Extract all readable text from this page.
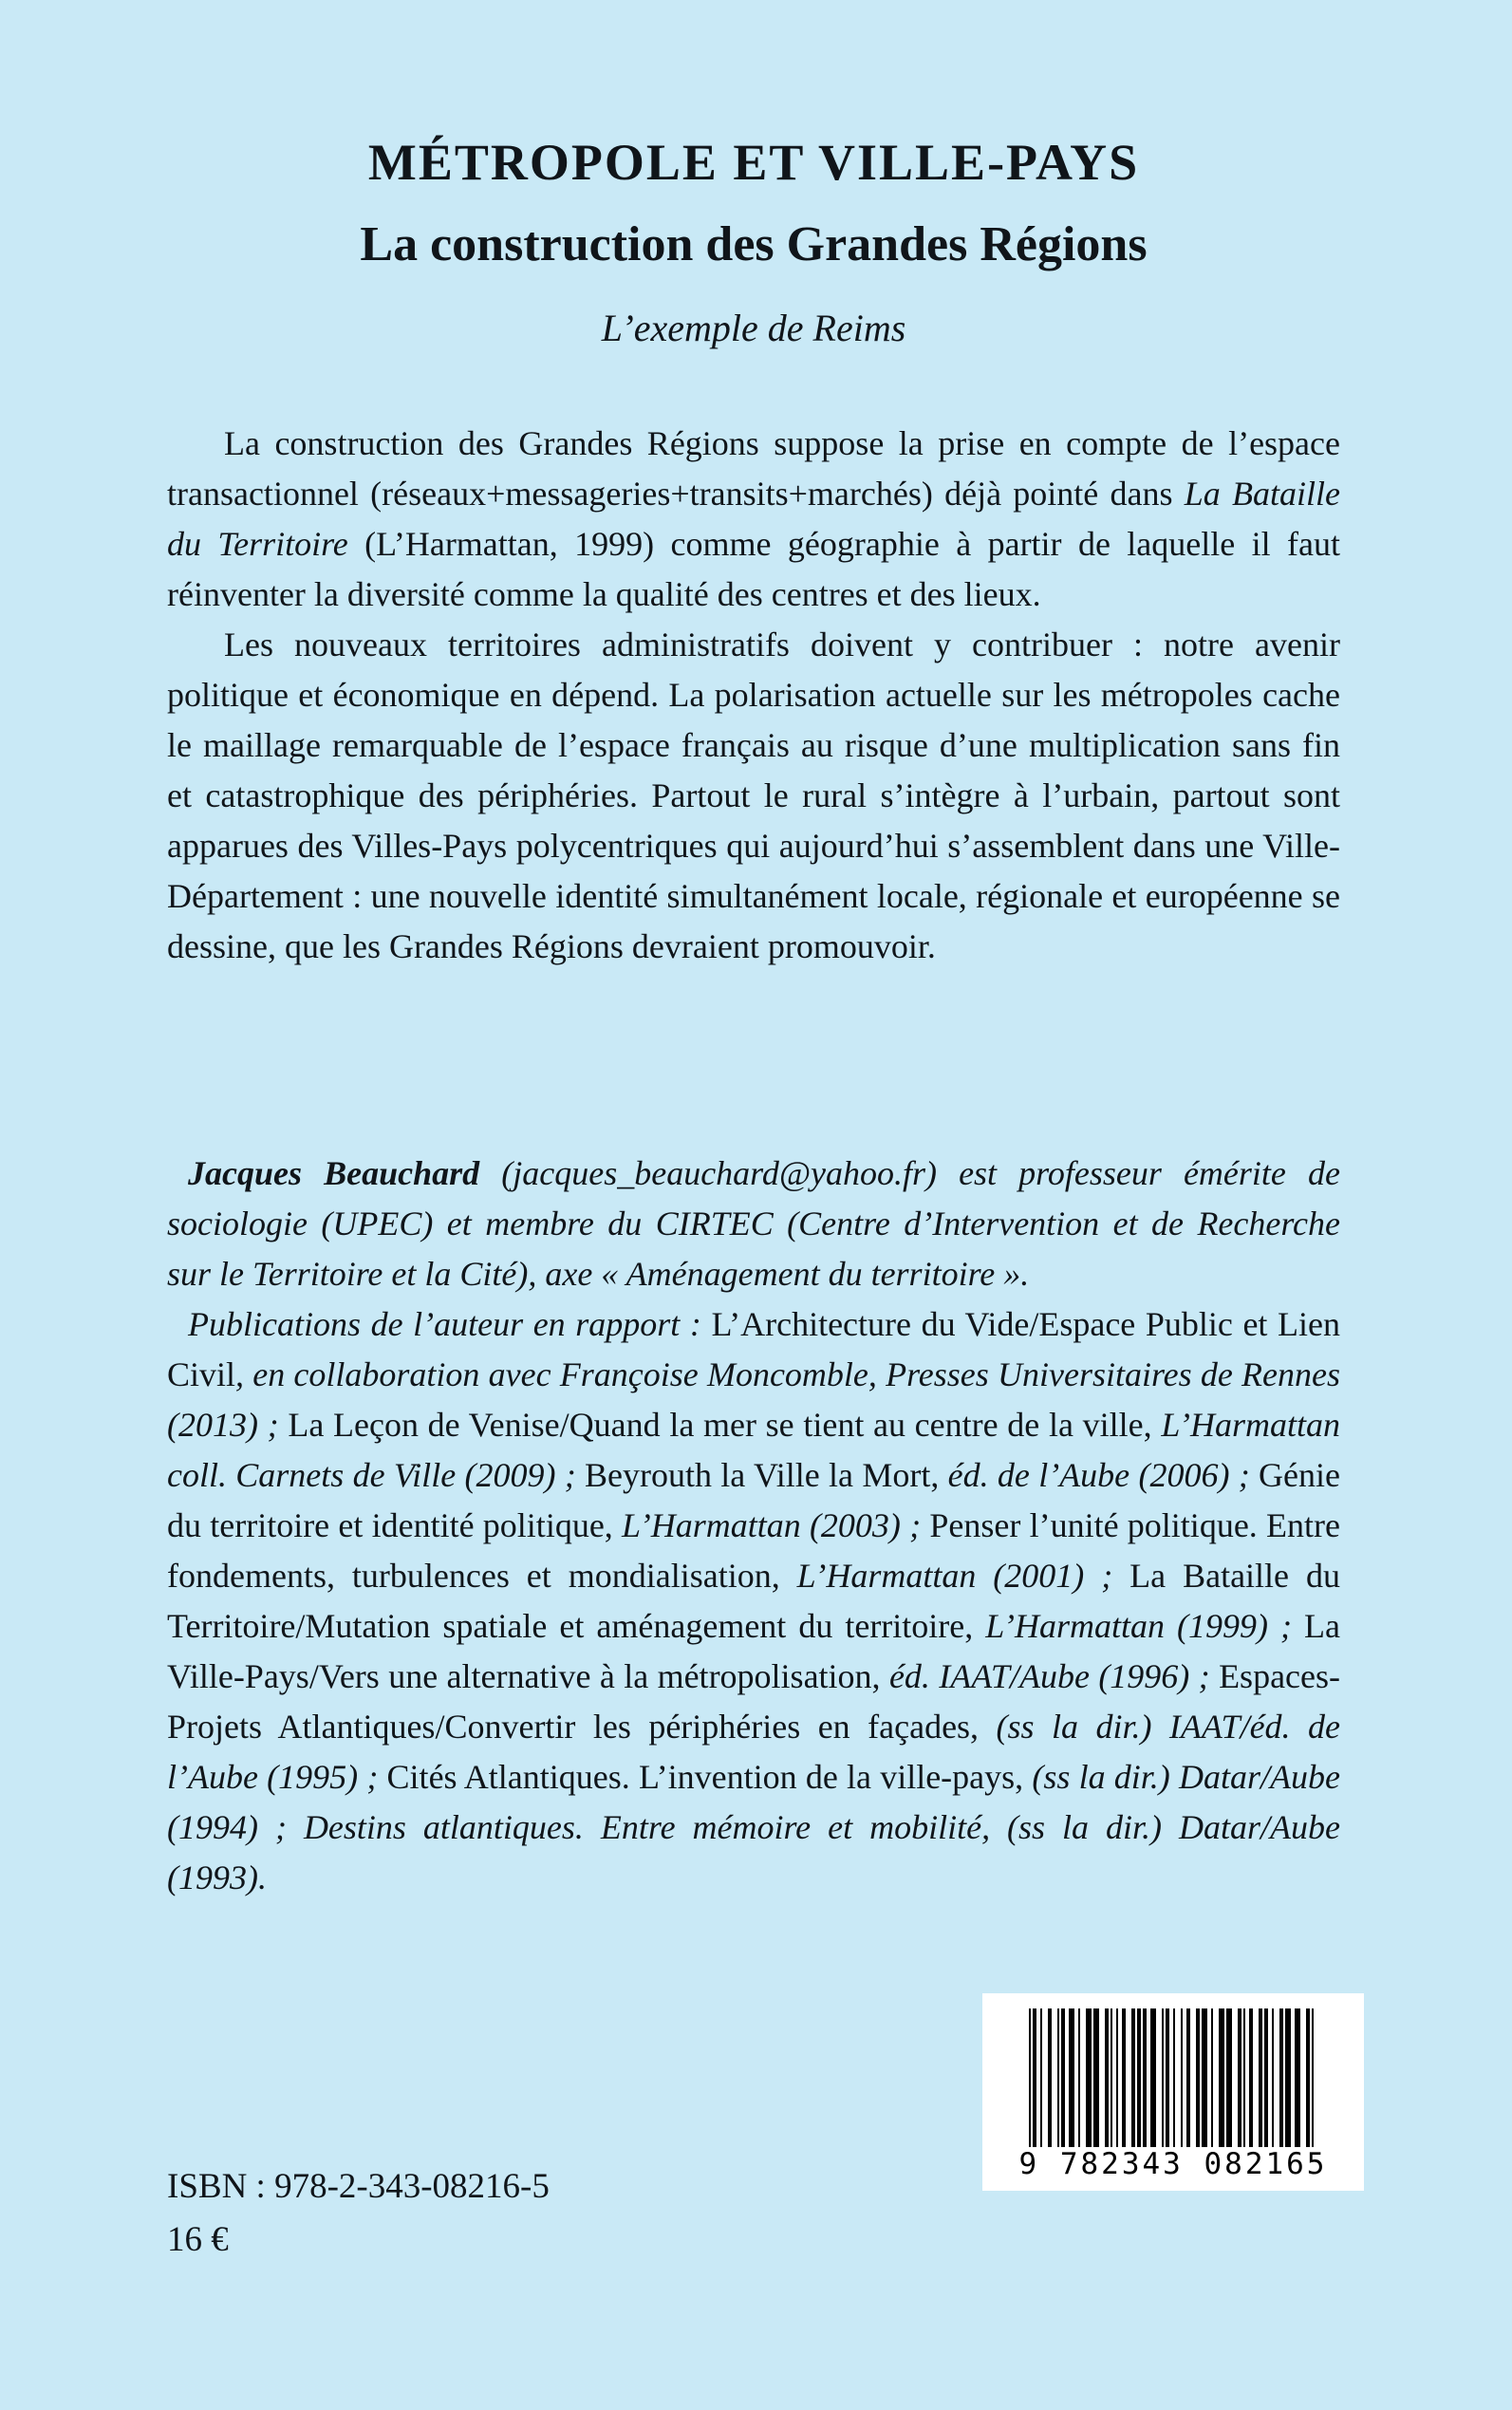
MÉTROPOLE ET VILLE-PAYS
La construction des Grandes Régions
L’exemple de Reims

La construction des Grandes Régions suppose la prise en compte de l’espace transactionnel (réseaux+messageries+transits+marchés) déjà pointé dans La Bataille du Territoire (L’Harmattan, 1999) comme géographie à partir de laquelle il faut réinventer la diversité comme la qualité des centres et des lieux.

Les nouveaux territoires administratifs doivent y contribuer : notre avenir politique et économique en dépend. La polarisation actuelle sur les métropoles cache le maillage remarquable de l’espace français au risque d’une multiplication sans fin et catastrophique des périphéries. Partout le rural s’intègre à l’urbain, partout sont apparues des Villes-Pays polycentriques qui aujourd’hui s’assemblent dans une Ville-Département : une nouvelle identité simultanément locale, régionale et européenne se dessine, que les Grandes Régions devraient promouvoir.

Jacques Beauchard (jacques_beauchard@yahoo.fr) est professeur émérite de sociologie (UPEC) et membre du CIRTEC (Centre d’Intervention et de Recherche sur le Territoire et la Cité), axe « Aménagement du territoire ».

Publications de l’auteur en rapport : L’Architecture du Vide/Espace Public et Lien Civil, en collaboration avec Françoise Moncomble, Presses Universitaires de Rennes (2013) ; La Leçon de Venise/Quand la mer se tient au centre de la ville, L’Harmattan coll. Carnets de Ville (2009) ; Beyrouth la Ville la Mort, éd. de l’Aube (2006) ; Génie du territoire et identité politique, L’Harmattan (2003) ; Penser l’unité politique. Entre fondements, turbulences et mondialisation, L’Harmattan (2001) ; La Bataille du Territoire/Mutation spatiale et aménagement du territoire, L’Harmattan (1999) ; La Ville-Pays/Vers une alternative à la métropolisation, éd. IAAT/Aube (1996) ; Espaces-Projets Atlantiques/Convertir les périphéries en façades, (ss la dir.) IAAT/éd. de l’Aube (1995) ; Cités Atlantiques. L’invention de la ville-pays, (ss la dir.) Datar/Aube (1994) ; Destins atlantiques. Entre mémoire et mobilité, (ss la dir.) Datar/Aube (1993).

ISBN : 978-2-343-08216-5
16 €
9 782343 082165
